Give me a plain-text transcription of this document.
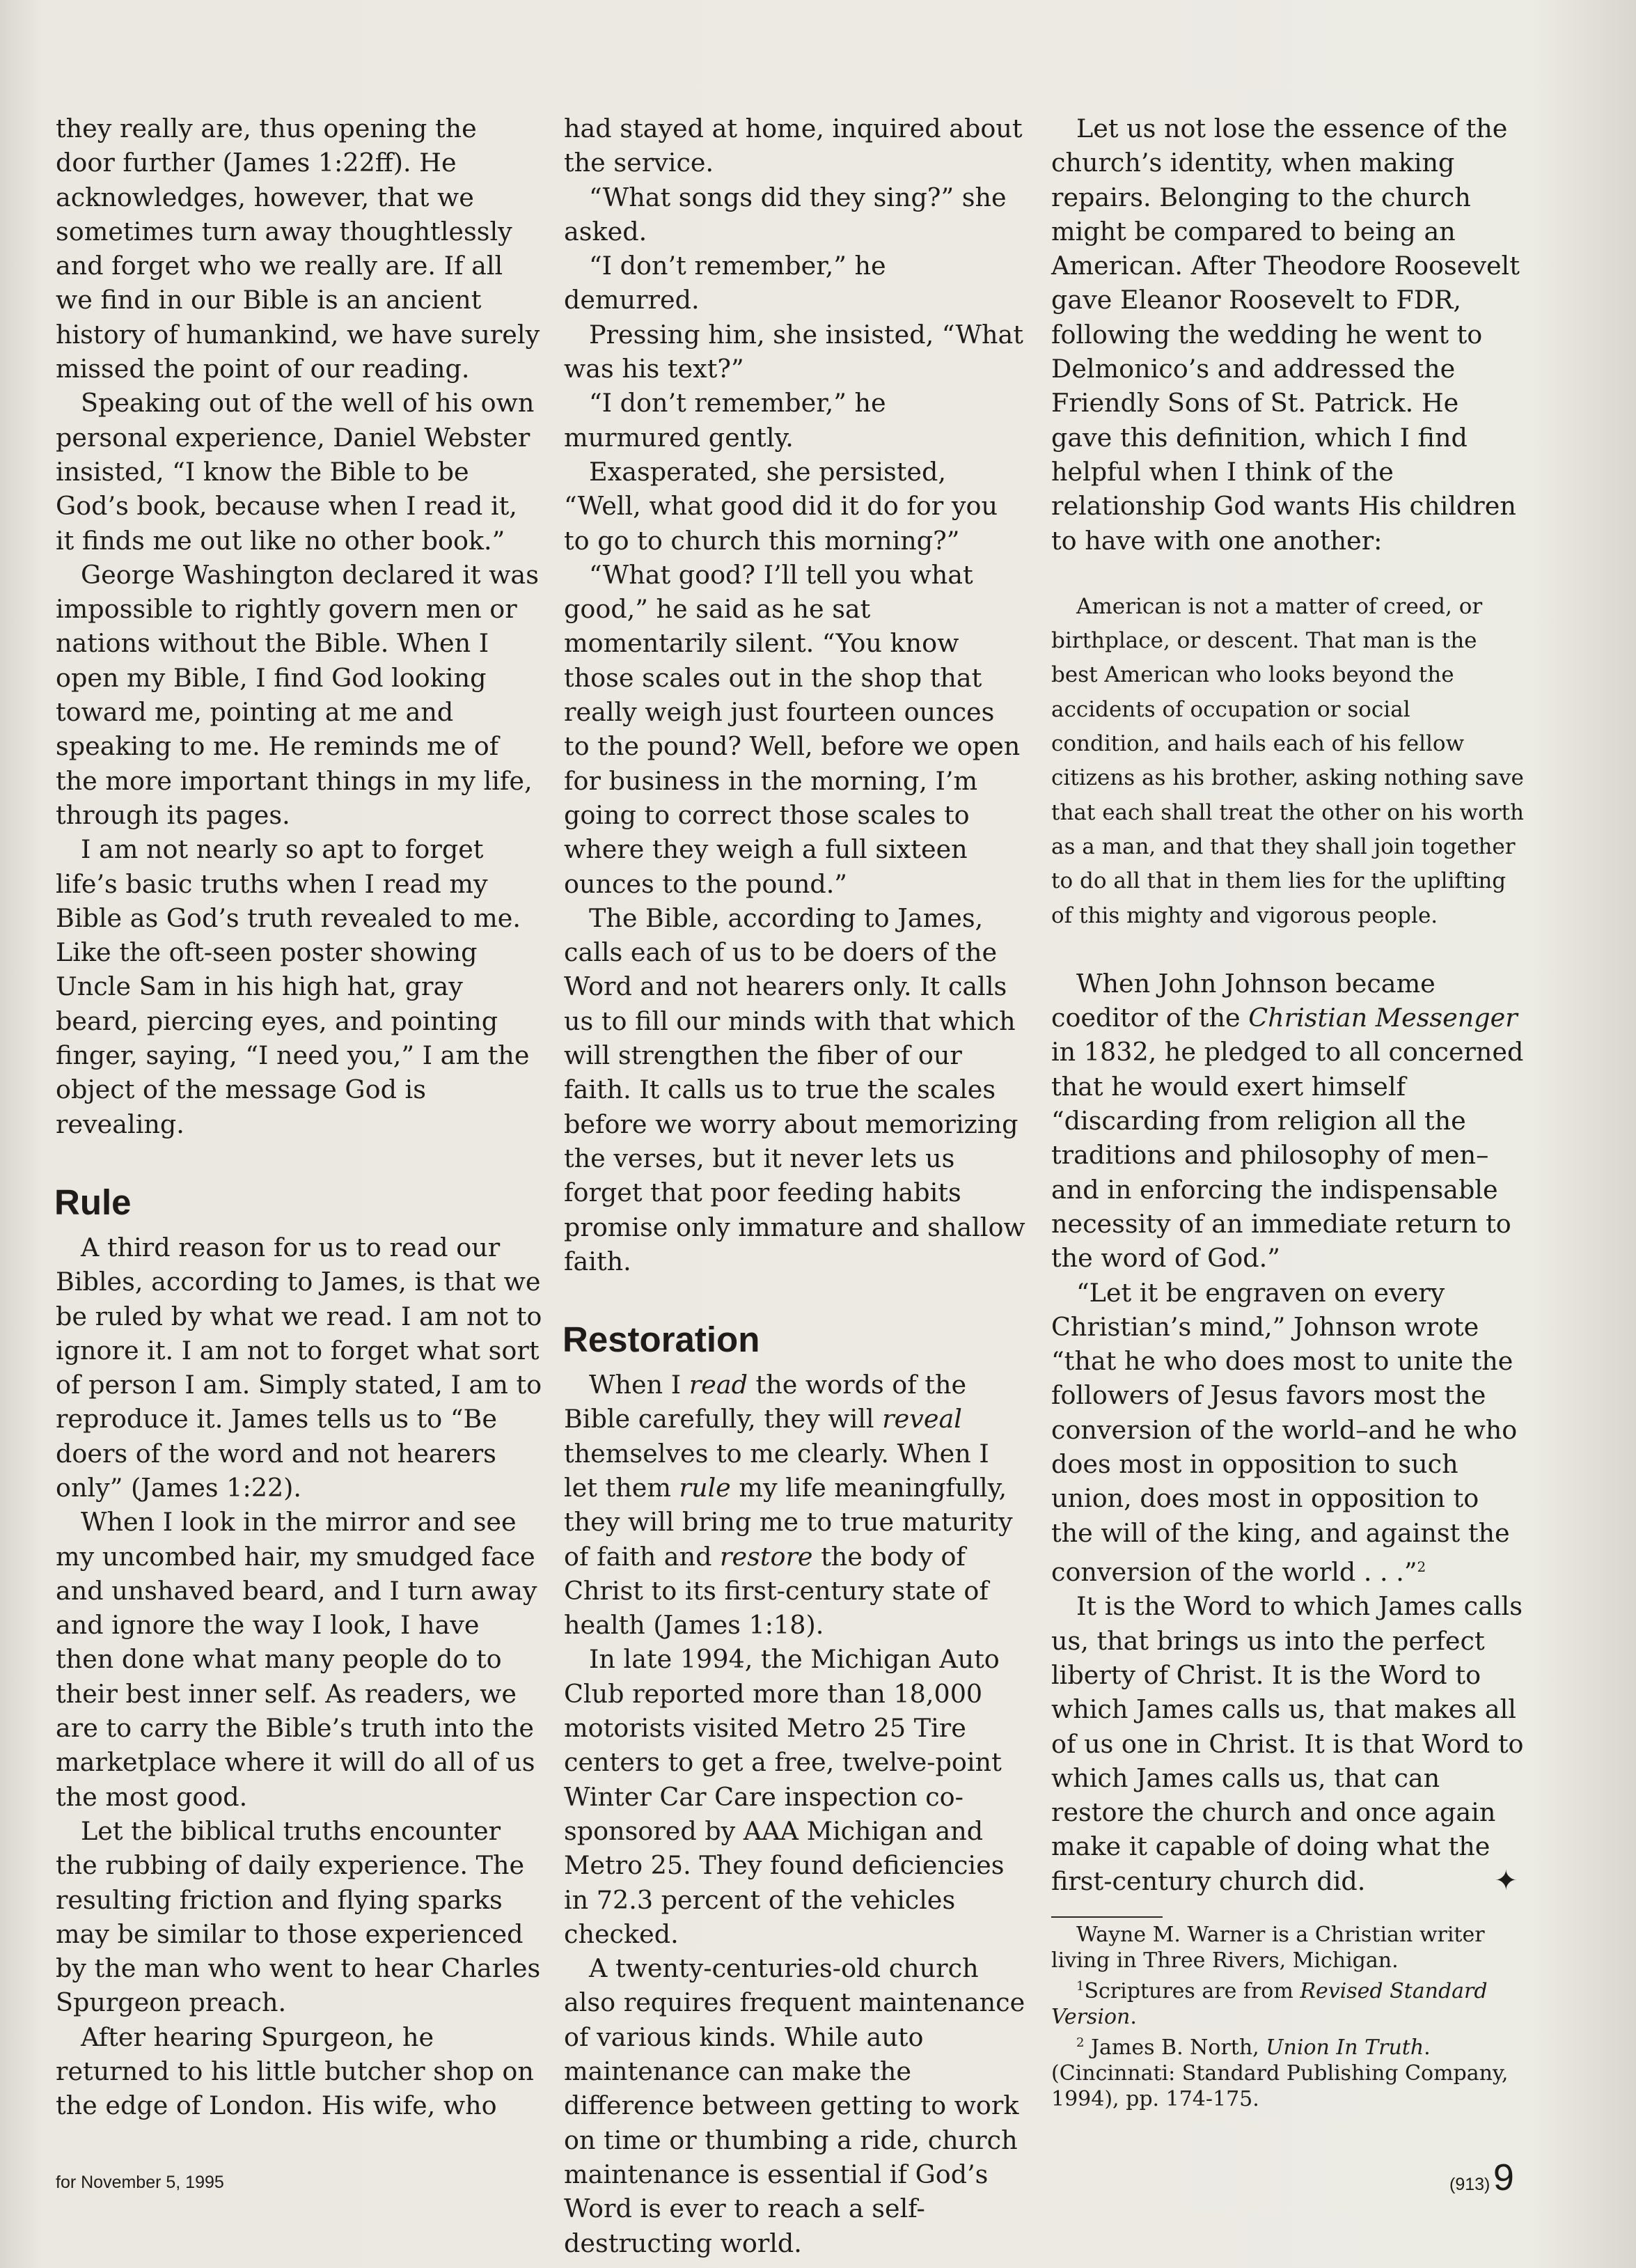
they really are, thus opening the door further (James 1:22ff). He acknowledges, however, that we sometimes turn away thoughtlessly and forget who we really are. If all we find in our Bible is an ancient history of humankind, we have surely missed the point of our reading.

Speaking out of the well of his own personal experience, Daniel Webster insisted, “I know the Bible to be God’s book, because when I read it, it finds me out like no other book.”

George Washington declared it was impossible to rightly govern men or nations without the Bible. When I open my Bible, I find God looking toward me, pointing at me and speaking to me. He reminds me of the more important things in my life, through its pages.

I am not nearly so apt to forget life’s basic truths when I read my Bible as God’s truth revealed to me. Like the oft-seen poster showing Uncle Sam in his high hat, gray beard, piercing eyes, and pointing finger, saying, “I need you,” I am the object of the message God is revealing.

Rule

A third reason for us to read our Bibles, according to James, is that we be ruled by what we read. I am not to ignore it. I am not to forget what sort of person I am. Simply stated, I am to reproduce it. James tells us to “Be doers of the word and not hearers only” (James 1:22).

When I look in the mirror and see my uncombed hair, my smudged face and unshaved beard, and I turn away and ignore the way I look, I have then done what many people do to their best inner self. As readers, we are to carry the Bible’s truth into the marketplace where it will do all of us the most good.

Let the biblical truths encounter the rubbing of daily experience. The resulting friction and flying sparks may be similar to those experienced by the man who went to hear Charles Spurgeon preach.

After hearing Spurgeon, he returned to his little butcher shop on the edge of London. His wife, who

had stayed at home, inquired about the service.

“What songs did they sing?” she asked.

“I don’t remember,” he demurred.

Pressing him, she insisted, “What was his text?”

“I don’t remember,” he murmured gently.

Exasperated, she persisted, “Well, what good did it do for you to go to church this morning?”

“What good? I’ll tell you what good,” he said as he sat momentarily silent. “You know those scales out in the shop that really weigh just fourteen ounces to the pound? Well, before we open for business in the morning, I’m going to correct those scales to where they weigh a full sixteen ounces to the pound.”

The Bible, according to James, calls each of us to be doers of the Word and not hearers only. It calls us to fill our minds with that which will strengthen the fiber of our faith. It calls us to true the scales before we worry about memorizing the verses, but it never lets us forget that poor feeding habits promise only immature and shallow faith.

Restoration

When I read the words of the Bible carefully, they will reveal themselves to me clearly. When I let them rule my life meaningfully, they will bring me to true maturity of faith and restore the body of Christ to its first-century state of health (James 1:18).

In late 1994, the Michigan Auto Club reported more than 18,000 motorists visited Metro 25 Tire centers to get a free, twelve-point Winter Car Care inspection co-sponsored by AAA Michigan and Metro 25. They found deficiencies in 72.3 percent of the vehicles checked.

A twenty-centuries-old church also requires frequent maintenance of various kinds. While auto maintenance can make the difference between getting to work on time or thumbing a ride, church maintenance is essential if God’s Word is ever to reach a self-destructing world.

Let us not lose the essence of the church’s identity, when making repairs. Belonging to the church might be compared to being an American. After Theodore Roosevelt gave Eleanor Roosevelt to FDR, following the wedding he went to Delmonico’s and addressed the Friendly Sons of St. Patrick. He gave this definition, which I find helpful when I think of the relationship God wants His children to have with one another:

American is not a matter of creed, or birthplace, or descent. That man is the best American who looks beyond the accidents of occupation or social condition, and hails each of his fellow citizens as his brother, asking nothing save that each shall treat the other on his worth as a man, and that they shall join together to do all that in them lies for the uplifting of this mighty and vigorous people.

When John Johnson became coeditor of the Christian Messenger in 1832, he pledged to all concerned that he would exert himself “discarding from religion all the traditions and philosophy of men–and in enforcing the indispensable necessity of an immediate return to the word of God.”

“Let it be engraven on every Christian’s mind,” Johnson wrote “that he who does most to unite the followers of Jesus favors most the conversion of the world–and he who does most in opposition to such union, does most in opposition to the will of the king, and against the conversion of the world . . .”$^2$

It is the Word to which James calls us, that brings us into the perfect liberty of Christ. It is the Word to which James calls us, that makes all of us one in Christ. It is that Word to which James calls us, that can restore the church and once again make it capable of doing what the first-century church did.	✦

Wayne M. Warner is a Christian writer living in Three Rivers, Michigan.

$^1$Scriptures are from Revised Standard Version.

$^2$ James B. North, Union In Truth. (Cincinnati: Standard Publishing Company, 1994), pp. 174-175.

for November 5, 1995	(913) 9
